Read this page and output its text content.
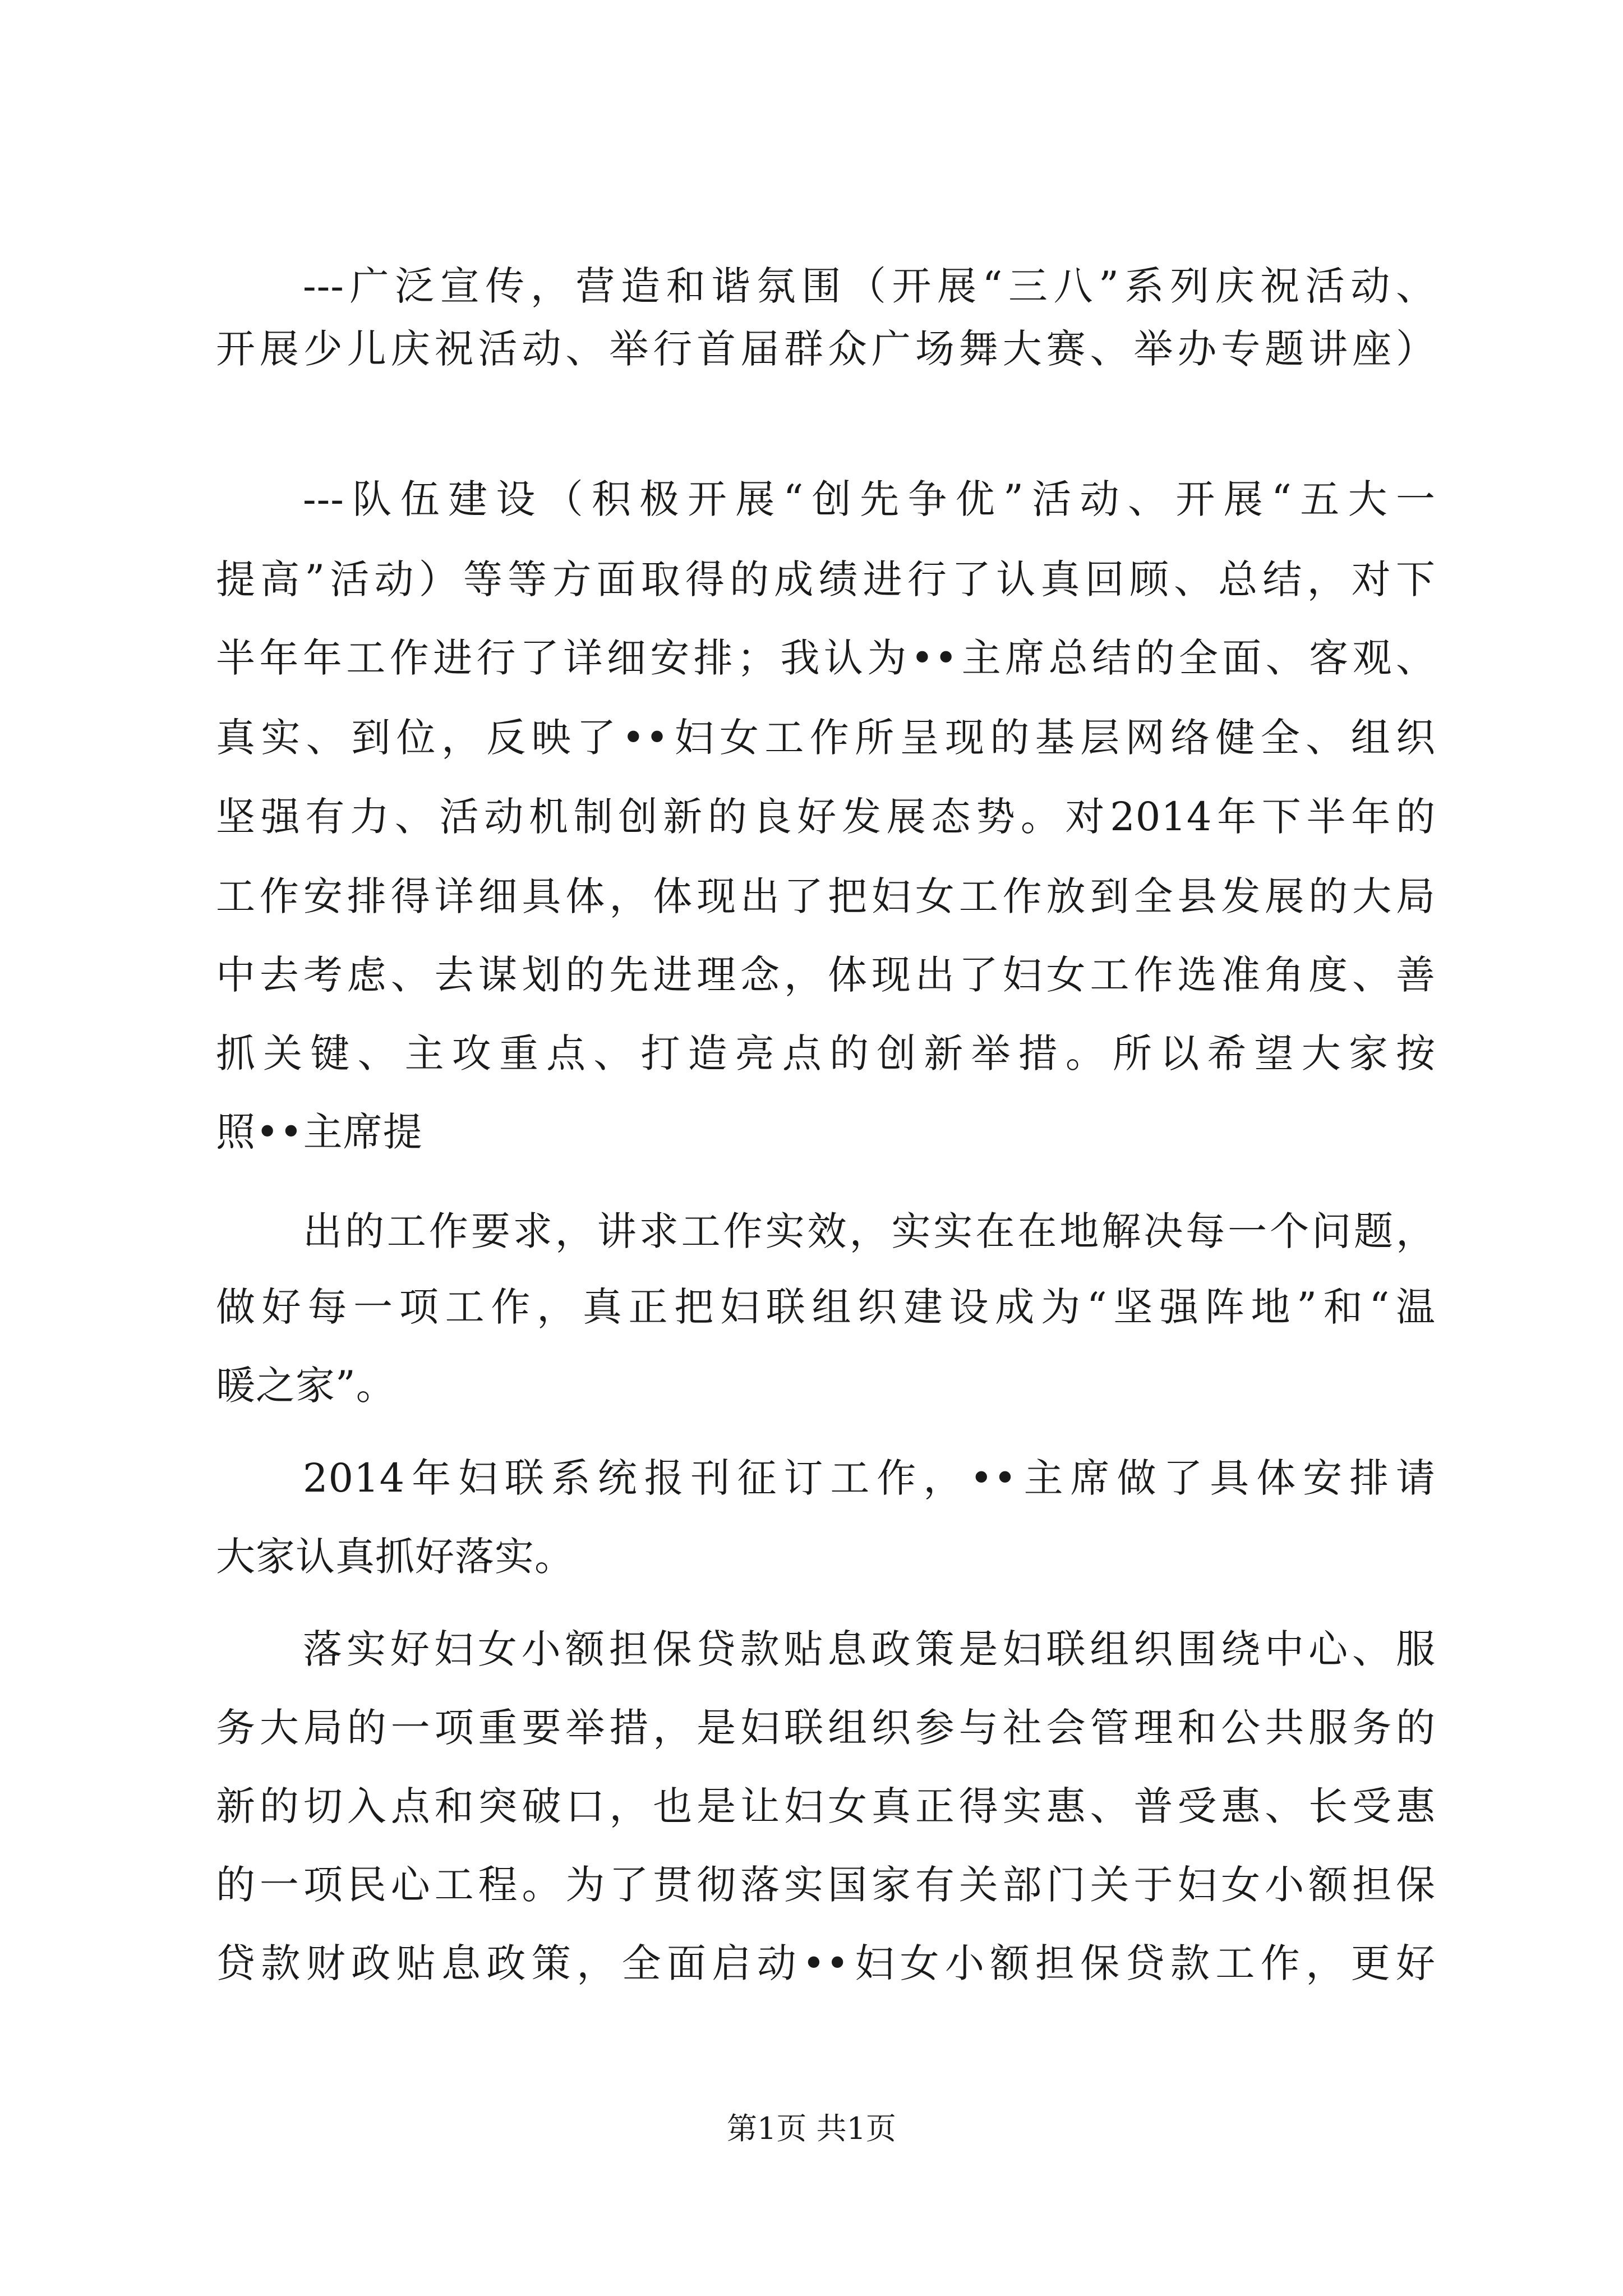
---广泛宣传，营造和谐氛围（开展“三八”系列庆祝活动、
开展少儿庆祝活动、举行首届群众广场舞大赛、举办专题讲座）
---队伍建设（积极开展“创先争优”活动、开展“五大一
提高”活动）等等方面取得的成绩进行了认真回顾、总结，对下
半年年工作进行了详细安排；我认为••主席总结的全面、客观、
真实、到位，反映了••妇女工作所呈现的基层网络健全、组织
坚强有力、活动机制创新的良好发展态势。对2014年下半年的
工作安排得详细具体，体现出了把妇女工作放到全县发展的大局
中去考虑、去谋划的先进理念，体现出了妇女工作选准角度、善
抓关键、主攻重点、打造亮点的创新举措。所以希望大家按
照••主席提
出的工作要求，讲求工作实效，实实在在地解决每一个问题，
做好每一项工作，真正把妇联组织建设成为“坚强阵地”和“温
暖之家”。
2014年妇联系统报刊征订工作，••主席做了具体安排请
大家认真抓好落实。
落实好妇女小额担保贷款贴息政策是妇联组织围绕中心、服
务大局的一项重要举措，是妇联组织参与社会管理和公共服务的
新的切入点和突破口，也是让妇女真正得实惠、普受惠、长受惠
的一项民心工程。为了贯彻落实国家有关部门关于妇女小额担保
贷款财政贴息政策，全面启动••妇女小额担保贷款工作，更好
第1页 共1页
